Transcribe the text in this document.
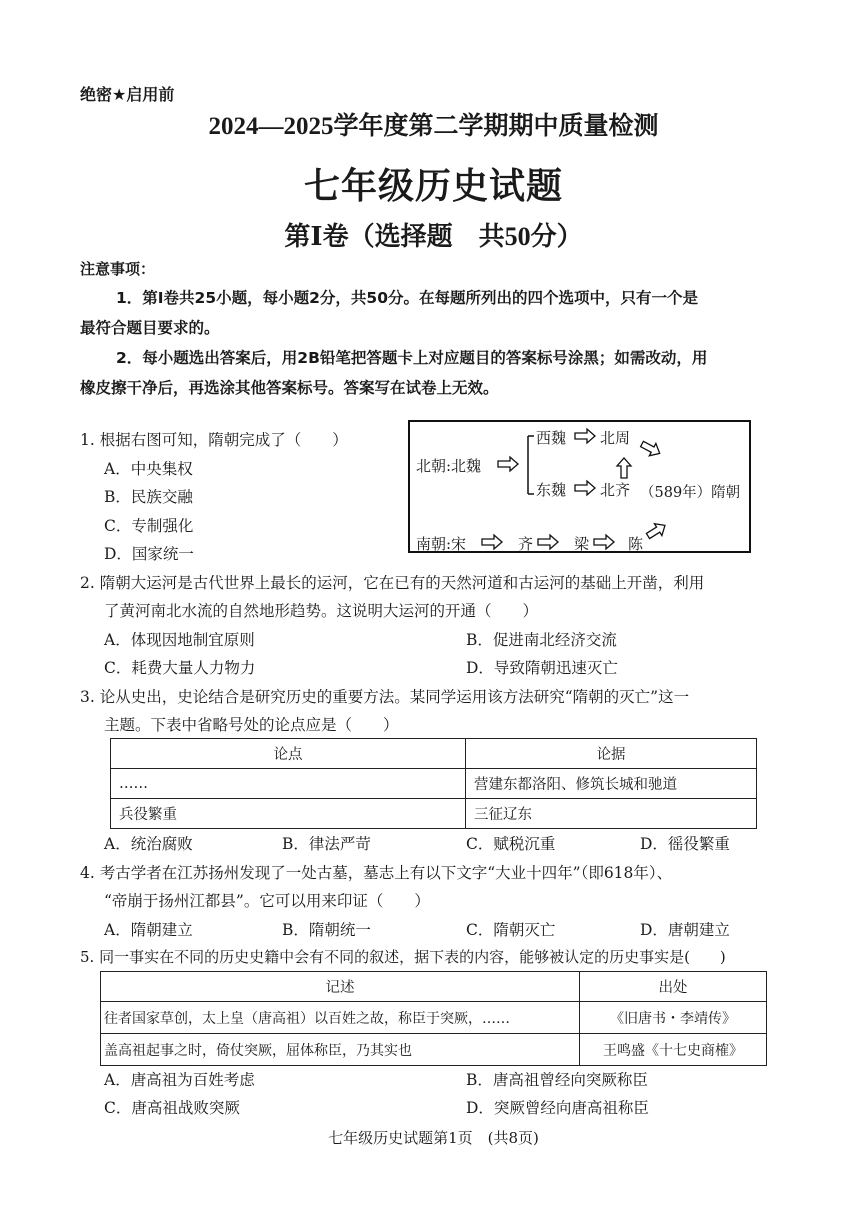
绝密★启用前
2024—2025学年度第二学期期中质量检测
七年级历史试题
第Ⅰ卷（选择题　共50分）
注意事项：
1．第Ⅰ卷共25小题，每小题2分，共50分。在每题所列出的四个选项中，只有一个是
最符合题目要求的。
2．每小题选出答案后，用2B铅笔把答题卡上对应题目的答案标号涂黑；如需改动，用
橡皮擦干净后，再选涂其他答案标号。答案写在试卷上无效。
1. 根据右图可知，隋朝完成了（　　）
A．中央集权
B．民族交融
C．专制强化
D．国家统一
北朝:北魏
西魏 北周
东魏 北齐 （589年）隋朝
南朝:宋	齐	梁	陈
2. 隋朝大运河是古代世界上最长的运河，它在已有的天然河道和古运河的基础上开凿，利用
了黄河南北水流的自然地形趋势。这说明大运河的开通（　　）
A．体现因地制宜原则	B．促进南北经济交流
C．耗费大量人力物力	D．导致隋朝迅速灭亡
3. 论从史出，史论结合是研究历史的重要方法。某同学运用该方法研究“隋朝的灭亡”这一
主题。下表中省略号处的论点应是（　　）
论点	论据
……	营建东都洛阳、修筑长城和驰道
兵役繁重	三征辽东
A．统治腐败	B．律法严苛	C．赋税沉重	D．徭役繁重
4. 考古学者在江苏扬州发现了一处古墓，墓志上有以下文字“大业十四年”（即618年）、
“帝崩于扬州江都县”。它可以用来印证（　　）
A．隋朝建立	B．隋朝统一	C．隋朝灭亡	D．唐朝建立
5. 同一事实在不同的历史史籍中会有不同的叙述，据下表的内容，能够被认定的历史事实是(　　)
记述	出处
往者国家草创，太上皇（唐高祖）以百姓之故，称臣于突厥，……	《旧唐书・李靖传》
盖高祖起事之时，倚仗突厥，屈体称臣，乃其实也	王鸣盛《十七史商榷》
A．唐高祖为百姓考虑	B．唐高祖曾经向突厥称臣
C．唐高祖战败突厥	D．突厥曾经向唐高祖称臣
七年级历史试题第1页　(共8页)
